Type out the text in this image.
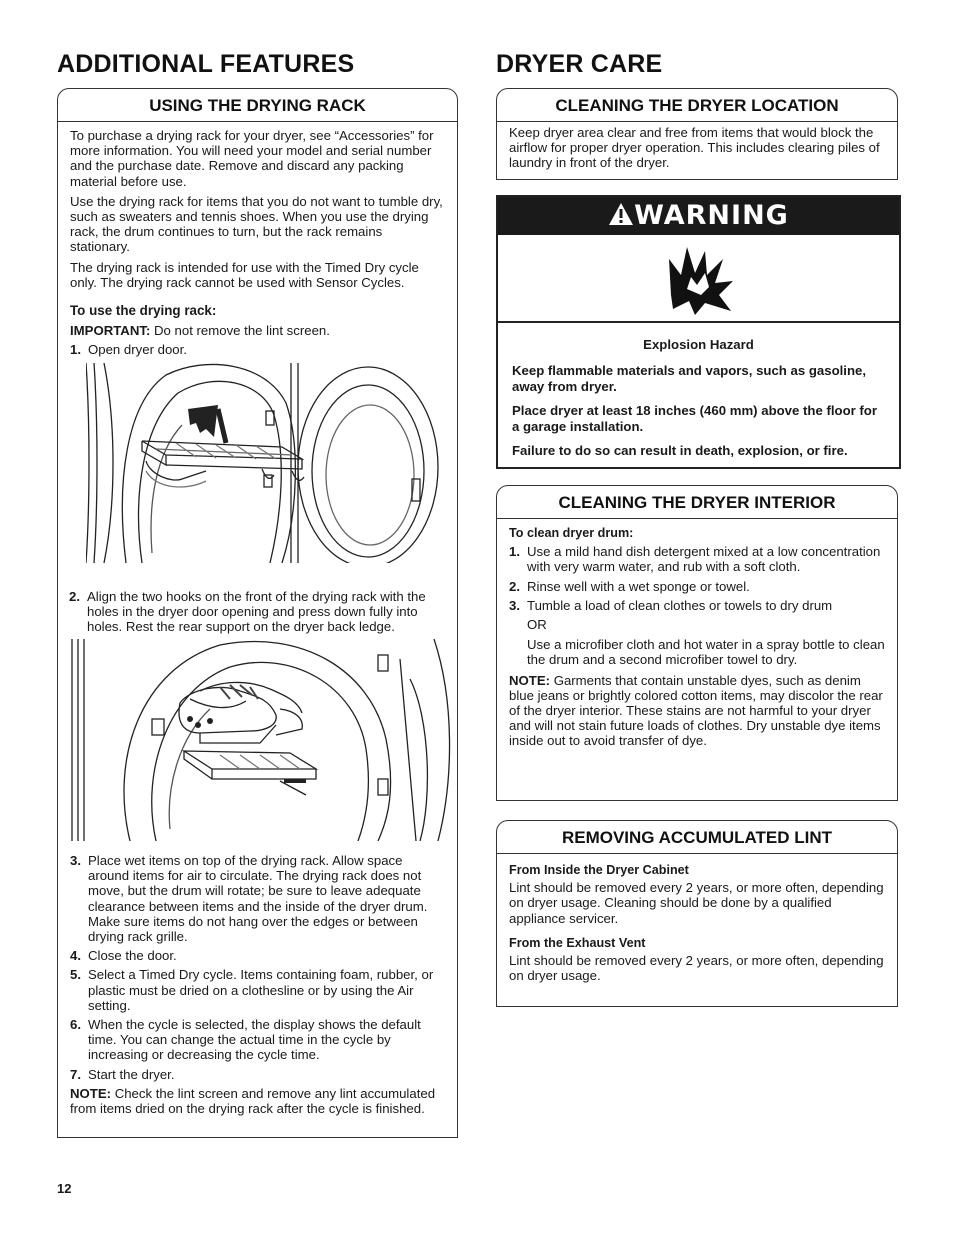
ADDITIONAL FEATURES
USING THE DRYING RACK

To purchase a drying rack for your dryer, see “Accessories” for more information. You will need your model and serial number and the purchase date. Remove and discard any packing material before use.

Use the drying rack for items that you do not want to tumble dry, such as sweaters and tennis shoes. When you use the drying rack, the drum continues to turn, but the rack remains stationary.

The drying rack is intended for use with the Timed Dry cycle only. The drying rack cannot be used with Sensor Cycles.

To use the drying rack:

IMPORTANT: Do not remove the lint screen.

1. Open dryer door.
2. Align the two hooks on the front of the drying rack with the holes in the dryer door opening and press down fully into holes. Rest the rear support on the dryer back ledge.
3. Place wet items on top of the drying rack. Allow space around items for air to circulate. The drying rack does not move, but the drum will rotate; be sure to leave adequate clearance between items and the inside of the dryer drum. Make sure items do not hang over the edges or between drying rack grille.
4. Close the door.
5. Select a Timed Dry cycle. Items containing foam, rubber, or plastic must be dried on a clothesline or by using the Air setting.
6. When the cycle is selected, the display shows the default time. You can change the actual time in the cycle by increasing or decreasing the cycle time.
7. Start the dryer.

NOTE: Check the lint screen and remove any lint accumulated from items dried on the drying rack after the cycle is finished.

DRYER CARE
CLEANING THE DRYER LOCATION

Keep dryer area clear and free from items that would block the airflow for proper dryer operation. This includes clearing piles of laundry in front of the dryer.

WARNING

Explosion Hazard

Keep flammable materials and vapors, such as gasoline, away from dryer.

Place dryer at least 18 inches (460 mm) above the floor for a garage installation.

Failure to do so can result in death, explosion, or fire.

CLEANING THE DRYER INTERIOR
To clean dryer drum:
1. Use a mild hand dish detergent mixed at a low concentration with very warm water, and rub with a soft cloth.
2. Rinse well with a wet sponge or towel.
3. Tumble a load of clean clothes or towels to dry drum

OR

Use a microfiber cloth and hot water in a spray bottle to clean the drum and a second microfiber towel to dry.

NOTE: Garments that contain unstable dyes, such as denim blue jeans or brightly colored cotton items, may discolor the rear of the dryer interior. These stains are not harmful to your dryer and will not stain future loads of clothes. Dry unstable dye items inside out to avoid transfer of dye.

REMOVING ACCUMULATED LINT
From Inside the Dryer Cabinet

Lint should be removed every 2 years, or more often, depending on dryer usage. Cleaning should be done by a qualified appliance servicer.

From the Exhaust Vent

Lint should be removed every 2 years, or more often, depending on dryer usage.

12
